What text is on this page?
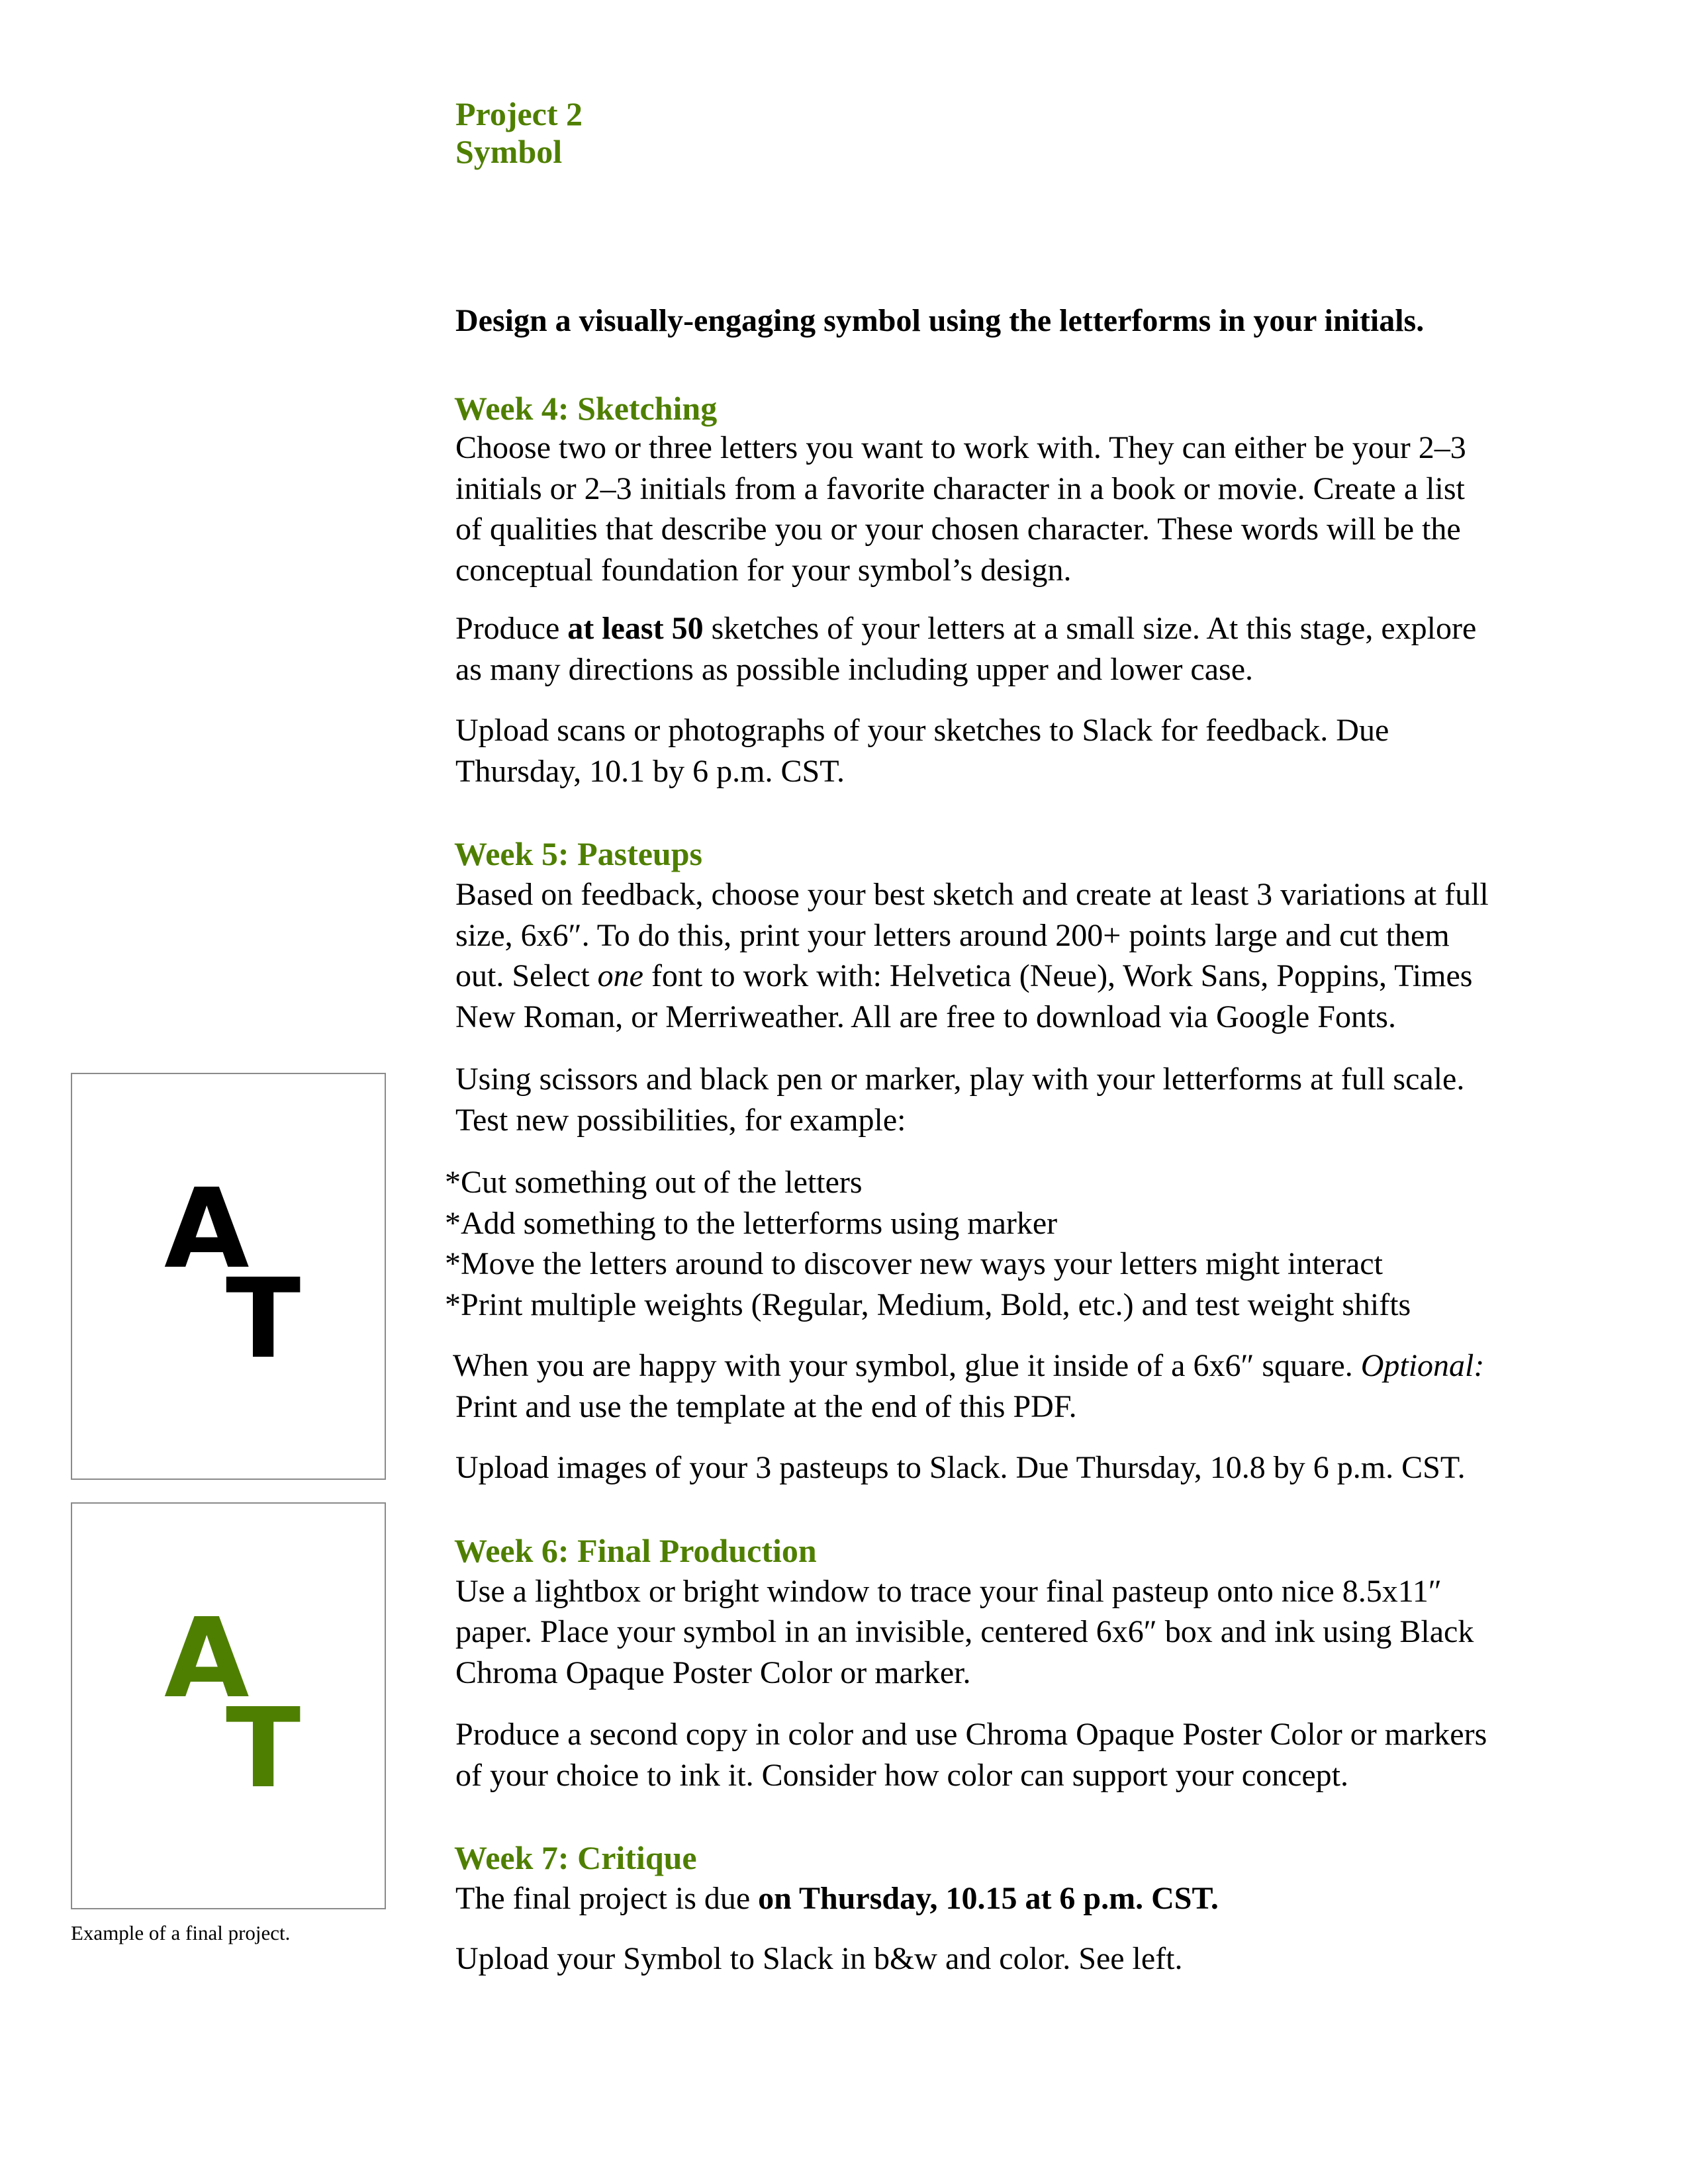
Project 2
Symbol
Design a visually-engaging symbol using the letterforms in your initials.
Week 4: Sketching
Choose two or three letters you want to work with. They can either be your 2–3
initials or 2–3 initials from a favorite character in a book or movie. Create a list
of qualities that describe you or your chosen character. These words will be the
conceptual foundation for your symbol’s design.
Produce at least 50 sketches of your letters at a small size. At this stage, explore
as many directions as possible including upper and lower case.
Upload scans or photographs of your sketches to Slack for feedback. Due
Thursday, 10.1 by 6 p.m. CST.
Week 5: Pasteups
Based on feedback, choose your best sketch and create at least 3 variations at full
size, 6x6″. To do this, print your letters around 200+ points large and cut them
out. Select one font to work with: Helvetica (Neue), Work Sans, Poppins, Times
New Roman, or Merriweather. All are free to download via Google Fonts.
Using scissors and black pen or marker, play with your letterforms at full scale.
Test new possibilities, for example:
*Cut something out of the letters
*Add something to the letterforms using marker
*Move the letters around to discover new ways your letters might interact
*Print multiple weights (Regular, Medium, Bold, etc.) and test weight shifts
When you are happy with your symbol, glue it inside of a 6x6″ square. Optional:
Print and use the template at the end of this PDF.
Upload images of your 3 pasteups to Slack. Due Thursday, 10.8 by 6 p.m. CST.
Week 6: Final Production
Use a lightbox or bright window to trace your final pasteup onto nice 8.5x11″
paper. Place your symbol in an invisible, centered 6x6″ box and ink using Black
Chroma Opaque Poster Color or marker.
Produce a second copy in color and use Chroma Opaque Poster Color or markers
of your choice to ink it. Consider how color can support your concept.
Week 7: Critique
The final project is due on Thursday, 10.15 at 6 p.m. CST.
Upload your Symbol to Slack in b&w and color. See left.
A
T
A
T
Example of a final project.
